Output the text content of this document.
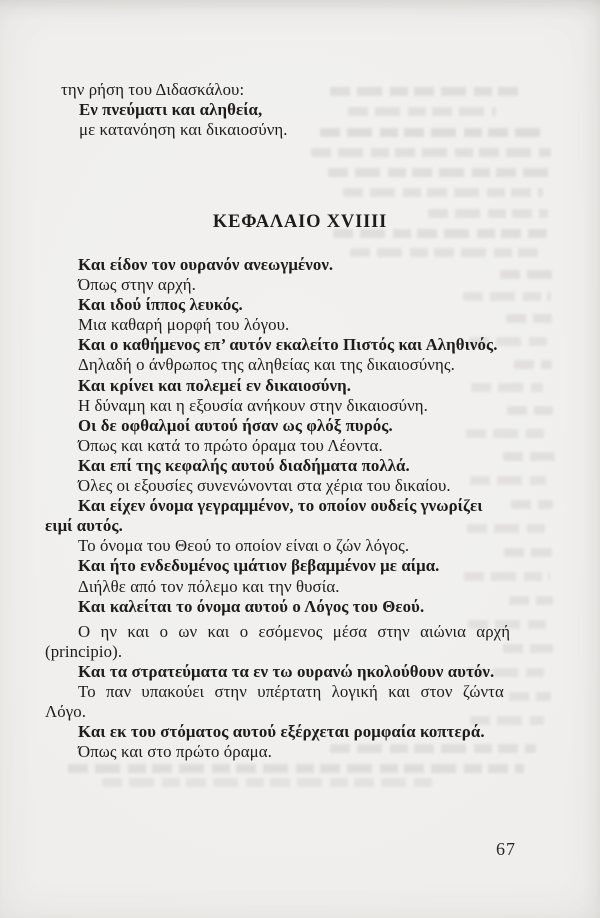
την ρήση του Διδασκάλου:
Εν πνεύματι και αληθεία,
με κατανόηση και δικαιοσύνη.
ΚΕΦΑΛΑΙΟ XVIIII
Και είδον τον ουρανόν ανεωγμένον.
Όπως στην αρχή.
Και ιδού ίππος λευκός.
Μια καθαρή μορφή του λόγου.
Και ο καθήμενος επ’ αυτόν εκαλείτο Πιστός και Αληθινός.
Δηλαδή ο άνθρωπος της αληθείας και της δικαιοσύνης.
Και κρίνει και πολεμεί εν δικαιοσύνη.
Η δύναμη και η εξουσία ανήκουν στην δικαιοσύνη.
Οι δε οφθαλμοί αυτού ήσαν ως φλόξ πυρός.
Όπως και κατά το πρώτο όραμα του Λέοντα.
Και επί της κεφαλής αυτού διαδήματα πολλά.
Όλες οι εξουσίες συνενώνονται στα χέρια του δικαίου.
Και είχεν όνομα γεγραμμένον, το οποίον ουδείς γνωρίζει
ειμί αυτός.
Το όνομα του Θεού το οποίον είναι ο ζών λόγος.
Και ήτο ενδεδυμένος ιμάτιον βεβαμμένον με αίμα.
Διήλθε από τον πόλεμο και την θυσία.
Και καλείται το όνομα αυτού ο Λόγος του Θεού.
Ο ην και ο ων και ο εσόμενος μέσα στην αιώνια αρχή
(principio).
Και τα στρατεύματα τα εν τω ουρανώ ηκολούθουν αυτόν.
Το παν υπακούει στην υπέρτατη λογική και στον ζώντα
Λόγο.
Και εκ του στόματος αυτού εξέρχεται ρομφαία κοπτερά.
Όπως και στο πρώτο όραμα.
67
